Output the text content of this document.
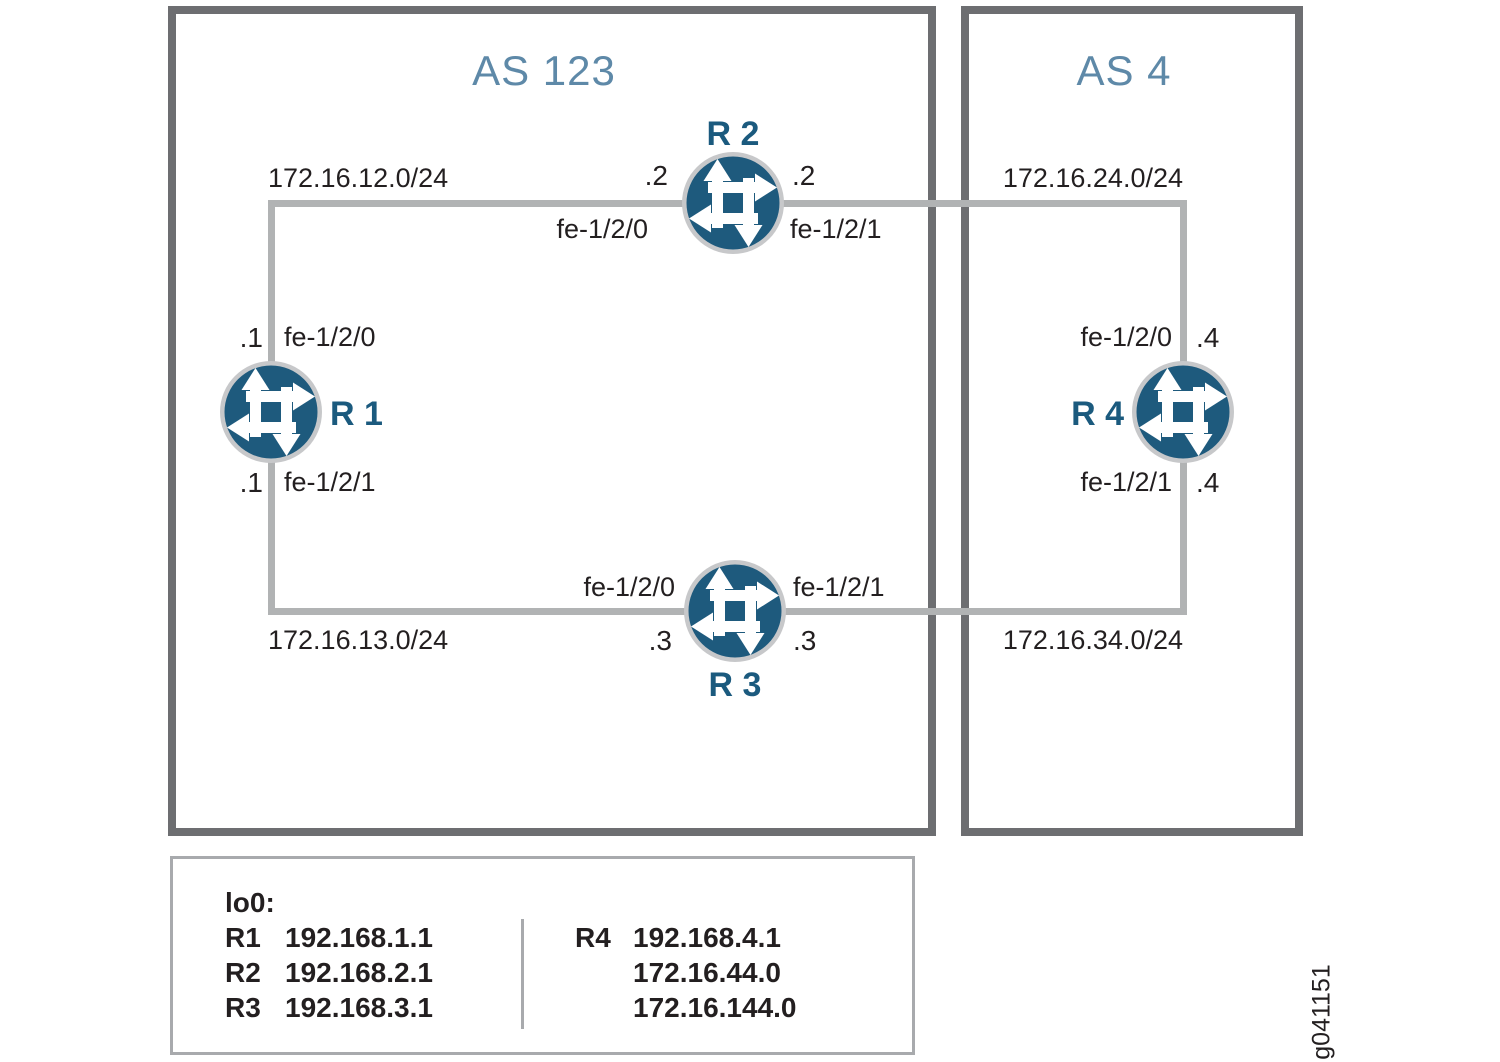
AS 123	AS 4
172.16.12.0/24	172.16.24.0/24
172.16.13.0/24	172.16.34.0/24
R 1
.1 fe-1/2/0
.1 fe-1/2/1
R 2
.2	.2
fe-1/2/0	fe-1/2/1
R 3
.3	.3
fe-1/2/0	fe-1/2/1
R 4
fe-1/2/0 .4
fe-1/2/1 .4
lo0:
R1 192.168.1.1
R2 192.168.2.1
R3 192.168.3.1
R4 192.168.4.1
172.16.44.0
172.16.144.0	g041151
